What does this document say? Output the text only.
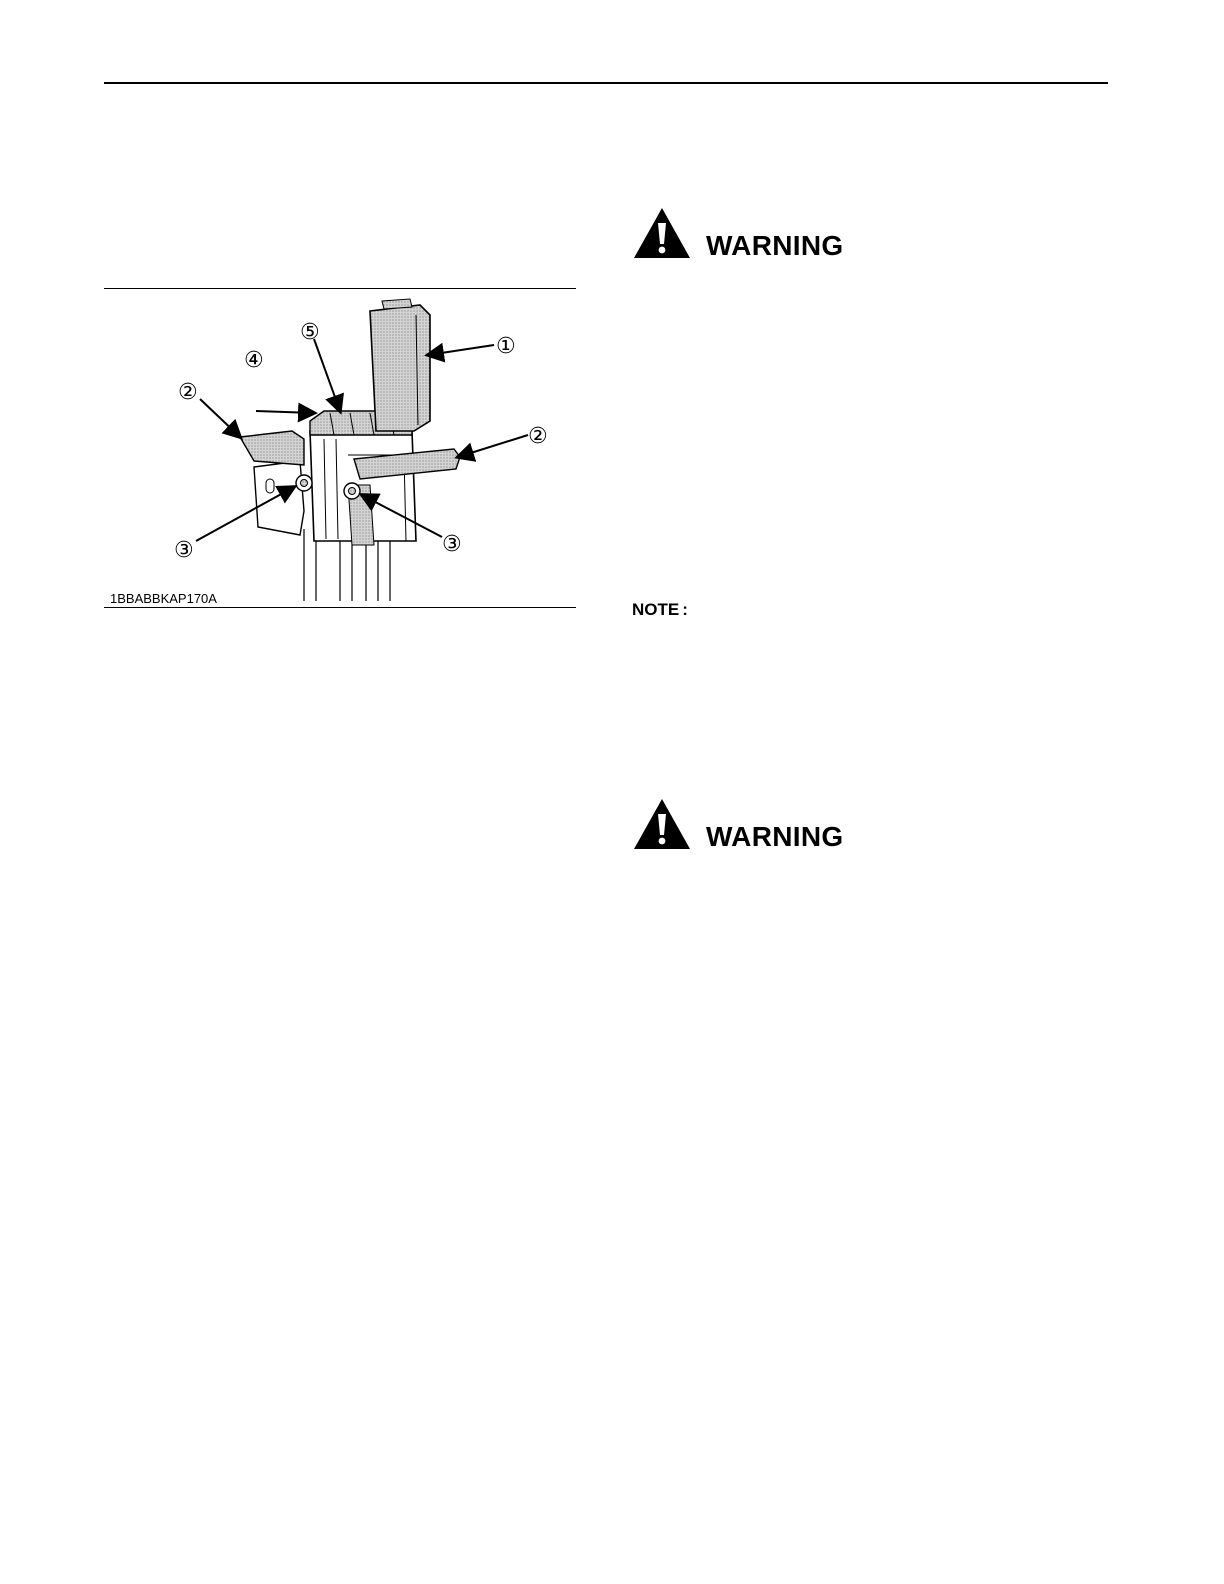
①
②
②
③	③
④
⑤
1BBABBKAP170A
WARNING
NOTE :
WARNING
